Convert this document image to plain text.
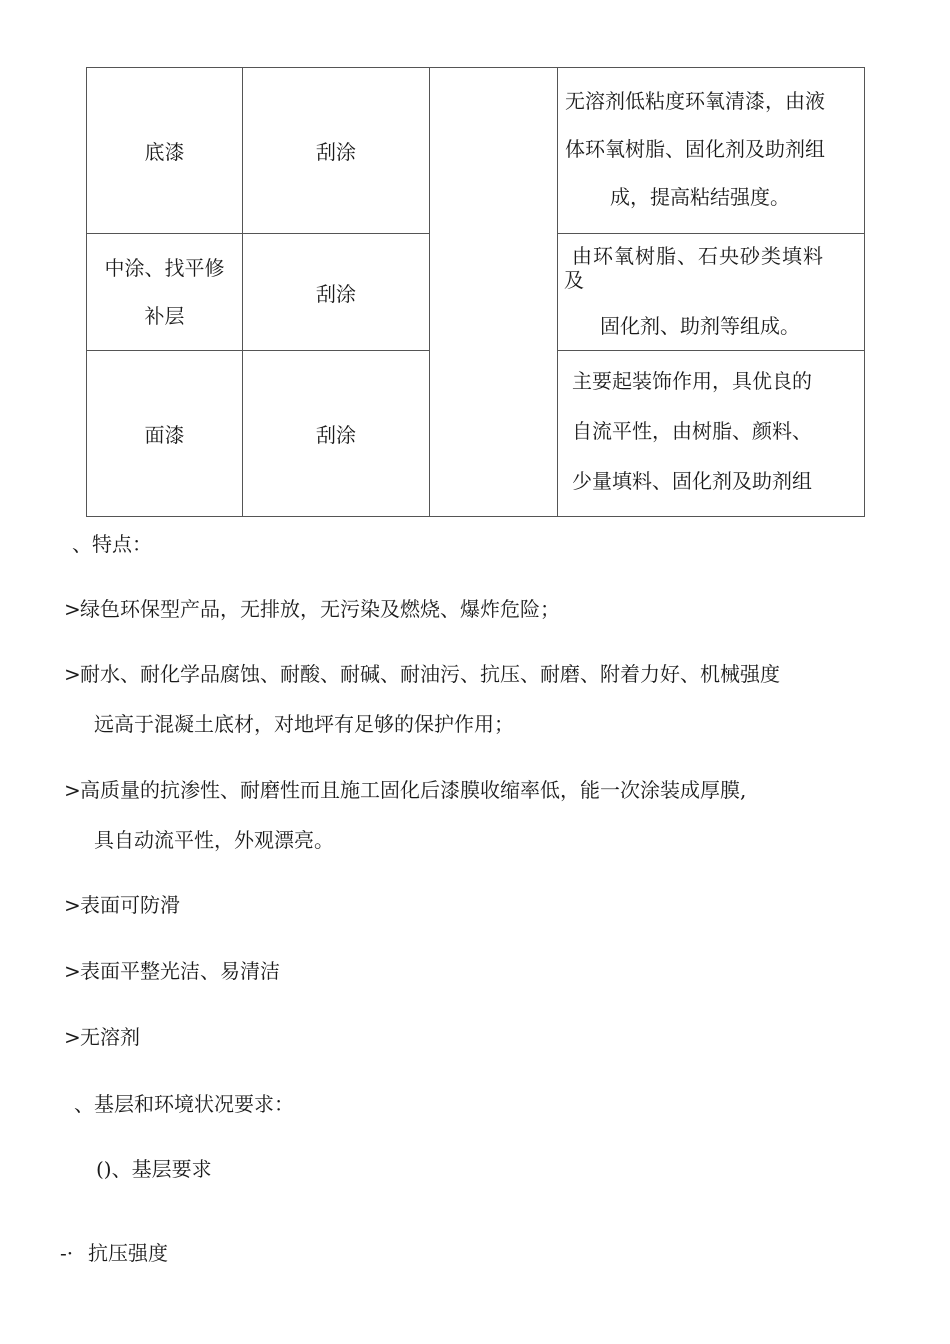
底漆	刮涂
无溶剂低粘度环氧清漆，由液
体环氧树脂、固化剂及助剂组
成，提高粘结强度。
中涂、找平修
补层
刮涂
由环氧树脂、石央砂类填料
及
固化剂、助剂等组成。
面漆	刮涂
主要起装饰作用，具优良的
自流平性，由树脂、颜料、
少量填料、固化剂及助剂组
、特点：
>绿色环保型产品，无排放，无污染及燃烧、爆炸危险；
>耐水、耐化学品腐蚀、耐酸、耐碱、耐油污、抗压、耐磨、附着力好、机械强度
远高于混凝土底材，对地坪有足够的保护作用；
>高质量的抗渗性、耐磨性而且施工固化后漆膜收缩率低，能一次涂装成厚膜,
具自动流平性，外观漂亮。
>表面可防滑
>表面平整光洁、易清洁
>无溶剂
、基层和环境状况要求：
()、基层要求
-· 抗压强度
